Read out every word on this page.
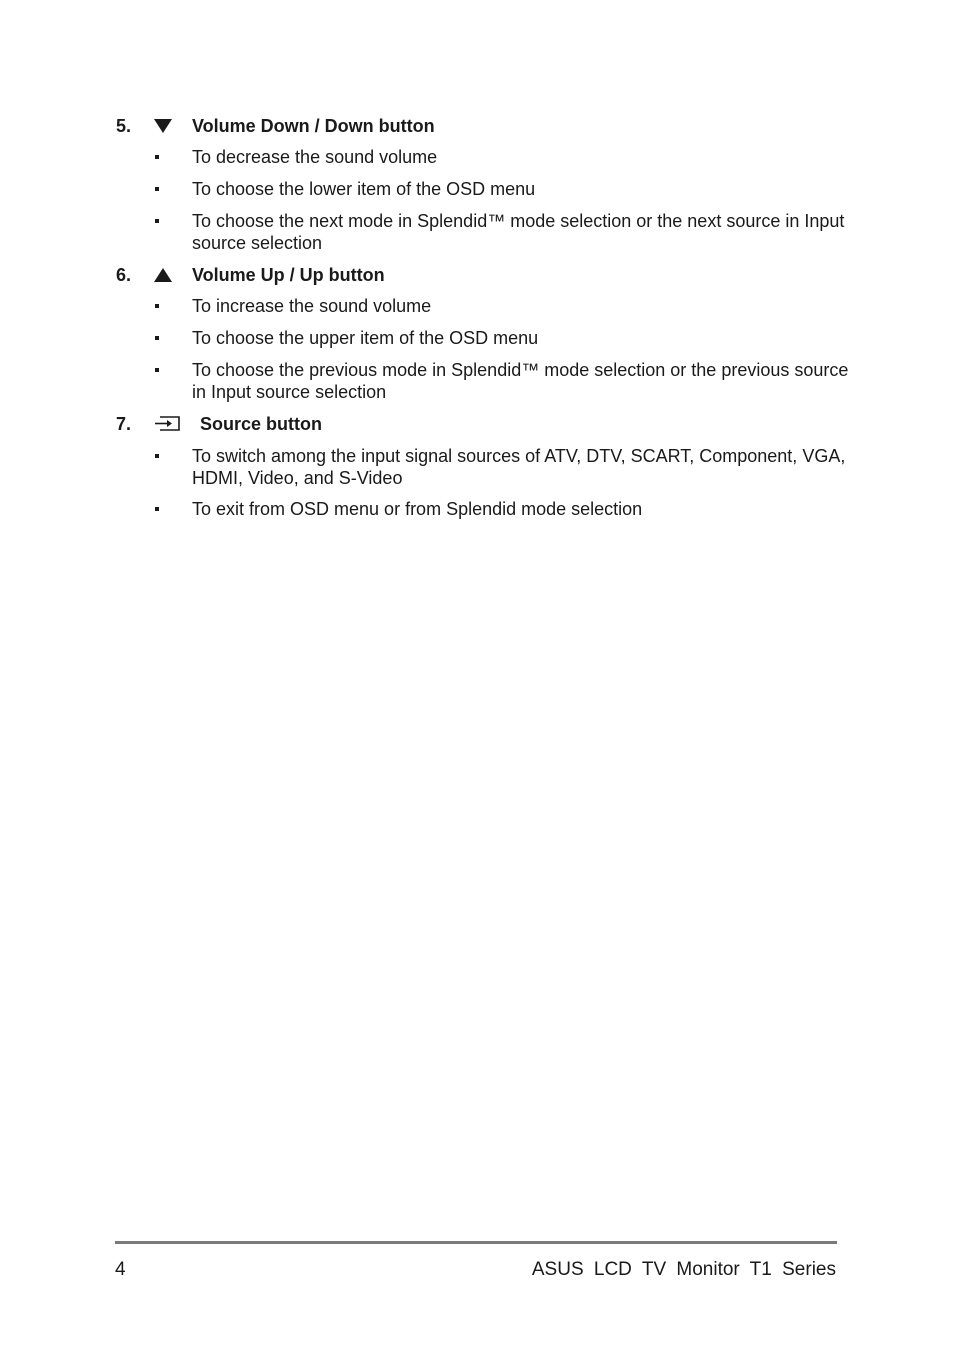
5.	Volume Down / Down button
To decrease the sound volume
To choose the lower item of the OSD menu
To choose the next mode in Splendid™ mode selection or the next source in Input source selection
6.	Volume Up / Up button
To increase the sound volume
To choose the upper item of the OSD menu
To choose the previous mode in Splendid™ mode selection or the previous source in Input source selection
7.	Source button
To switch among the input signal sources of ATV, DTV, SCART, Component, VGA, HDMI, Video, and S-Video
To exit from OSD menu or from Splendid mode selection
4	ASUS LCD TV Monitor T1 Series
